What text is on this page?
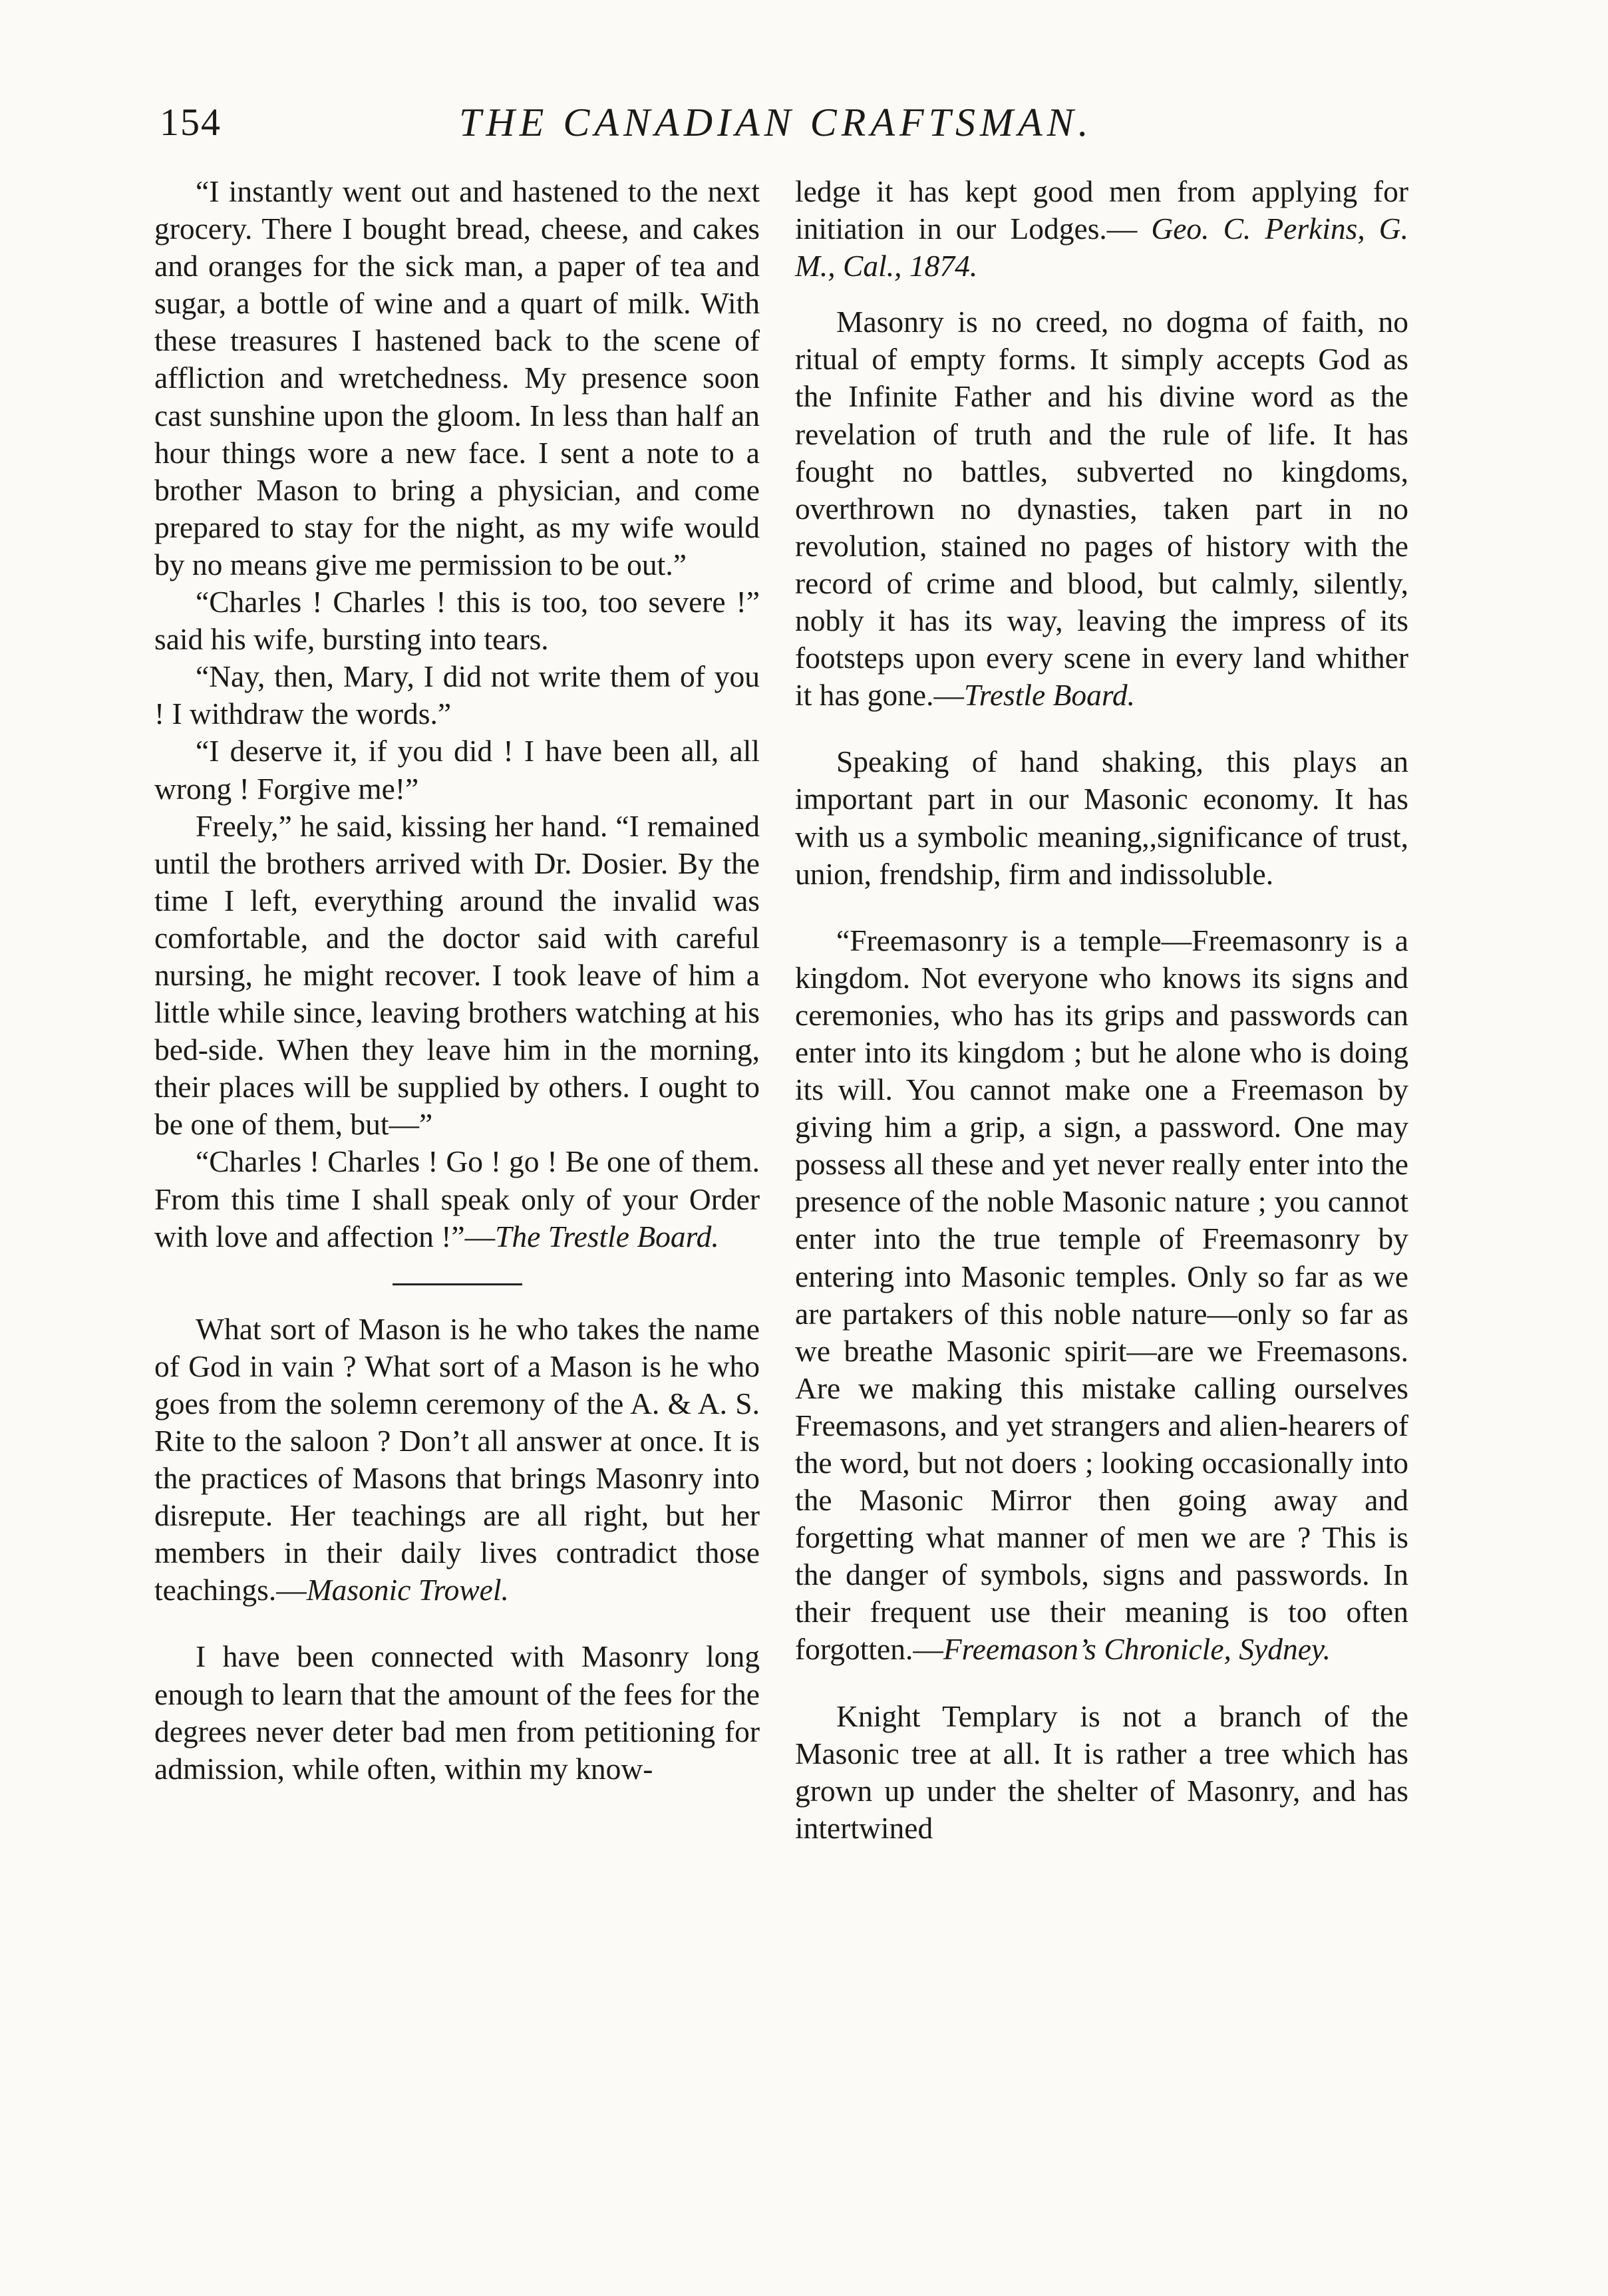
154	THE CANADIAN CRAFTSMAN.

“I instantly went out and hastened to the next grocery. There I bought bread, cheese, and cakes and oranges for the sick man, a paper of tea and sugar, a bottle of wine and a quart of milk. With these treasures I hastened back to the scene of affliction and wretchedness. My presence soon cast sunshine upon the gloom. In less than half an hour things wore a new face. I sent a note to a brother Mason to bring a physician, and come prepared to stay for the night, as my wife would by no means give me permission to be out.”

“Charles ! Charles ! this is too, too severe !” said his wife, bursting into tears.

“Nay, then, Mary, I did not write them of you ! I withdraw the words.”

“I deserve it, if you did ! I have been all, all wrong ! Forgive me!”

Freely,” he said, kissing her hand. “I remained until the brothers arrived with Dr. Dosier. By the time I left, everything around the invalid was comfortable, and the doctor said with careful nursing, he might recover. I took leave of him a little while since, leaving brothers watching at his bed-side. When they leave him in the morning, their places will be supplied by others. I ought to be one of them, but—”

“Charles ! Charles ! Go ! go ! Be one of them. From this time I shall speak only of your Order with love and affection !”—The Trestle Board.

What sort of Mason is he who takes the name of God in vain ? What sort of a Mason is he who goes from the solemn ceremony of the A. & A. S. Rite to the saloon ? Don’t all answer at once. It is the practices of Masons that brings Masonry into disrepute. Her teachings are all right, but her members in their daily lives contradict those teachings.—Masonic Trowel.

I have been connected with Masonry long enough to learn that the amount of the fees for the degrees never deter bad men from petitioning for admission, while often, within my know-

ledge it has kept good men from applying for initiation in our Lodges.— Geo. C. Perkins, G. M., Cal., 1874.

Masonry is no creed, no dogma of faith, no ritual of empty forms. It simply accepts God as the Infinite Father and his divine word as the revelation of truth and the rule of life. It has fought no battles, subverted no kingdoms, overthrown no dynasties, taken part in no revolution, stained no pages of history with the record of crime and blood, but calmly, silently, nobly it has its way, leaving the impress of its footsteps upon every scene in every land whither it has gone.—Trestle Board.

Speaking of hand shaking, this plays an important part in our Masonic economy. It has with us a symbolic meaning,,significance of trust, union, frendship, firm and indissoluble.

“Freemasonry is a temple—Freemasonry is a kingdom. Not everyone who knows its signs and ceremonies, who has its grips and passwords can enter into its kingdom ; but he alone who is doing its will. You cannot make one a Freemason by giving him a grip, a sign, a password. One may possess all these and yet never really enter into the presence of the noble Masonic nature ; you cannot enter into the true temple of Freemasonry by entering into Masonic temples. Only so far as we are partakers of this noble nature—only so far as we breathe Masonic spirit—are we Freemasons. Are we making this mistake calling ourselves Freemasons, and yet strangers and alien-hearers of the word, but not doers ; looking occasionally into the Masonic Mirror then going away and forgetting what manner of men we are ? This is the danger of symbols, signs and passwords. In their frequent use their meaning is too often forgotten.—Freemason’s Chronicle, Sydney.

Knight Templary is not a branch of the Masonic tree at all. It is rather a tree which has grown up under the shelter of Masonry, and has intertwined
